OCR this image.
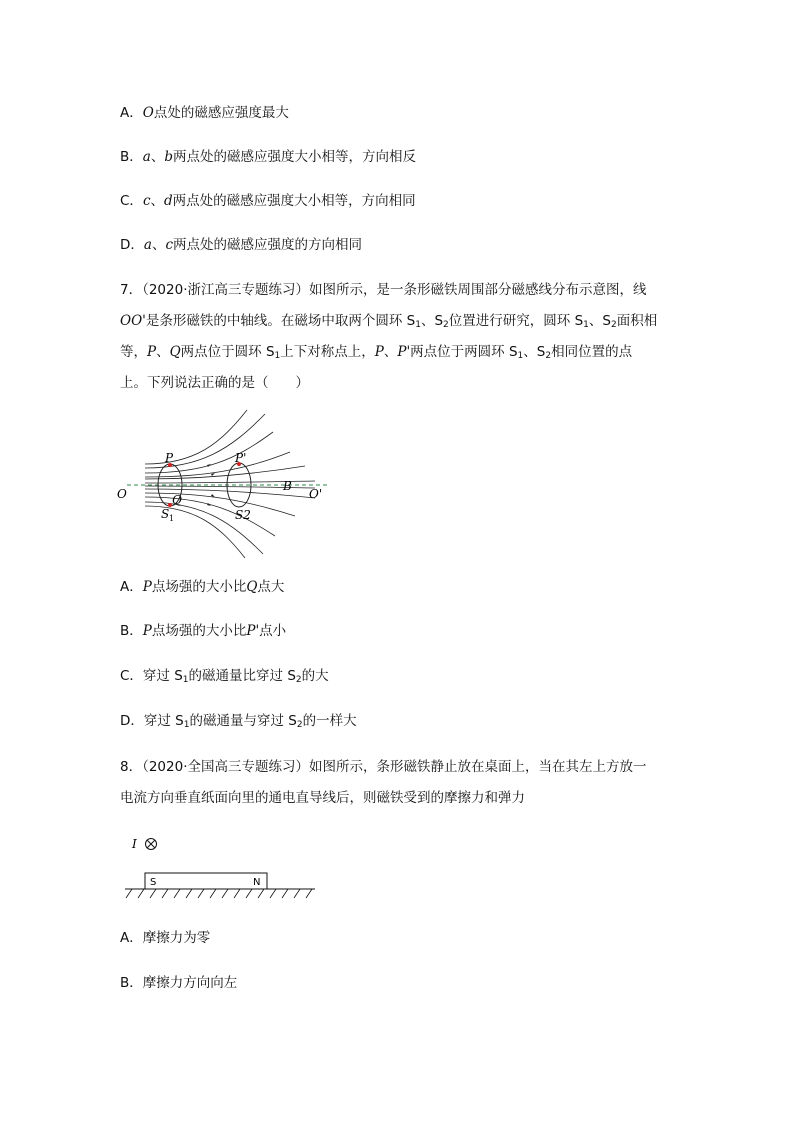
A．O点处的磁感应强度最大
B．a、b两点处的磁感应强度大小相等，方向相反
C．c、d两点处的磁感应强度大小相等，方向相同
D．a、c两点处的磁感应强度的方向相同
7．（2020·浙江高三专题练习）如图所示，是一条形磁铁周围部分磁感线分布示意图，线
OO'是条形磁铁的中轴线。在磁场中取两个圆环 $S_1$、$S_2$位置进行研究，圆环 $S_1$、$S_2$面积相
等，P、Q两点位于圆环 $S_1$上下对称点上，P、P'两点位于两圆环 $S_1$、$S_2$相同位置的点
上。下列说法正确的是（　　）
O	O'
P	P'
Q
B
S 1	S2
A．P点场强的大小比Q点大
B．P点场强的大小比P'点小
C．穿过 $S_1$的磁通量比穿过 $S_2$的大
D．穿过 $S_1$的磁通量与穿过 $S_2$的一样大
8．（2020·全国高三专题练习）如图所示，条形磁铁静止放在桌面上，当在其左上方放一
电流方向垂直纸面向里的通电直导线后，则磁铁受到的摩擦力和弹力
I
S	N
A．摩擦力为零
B．摩擦力方向向左
